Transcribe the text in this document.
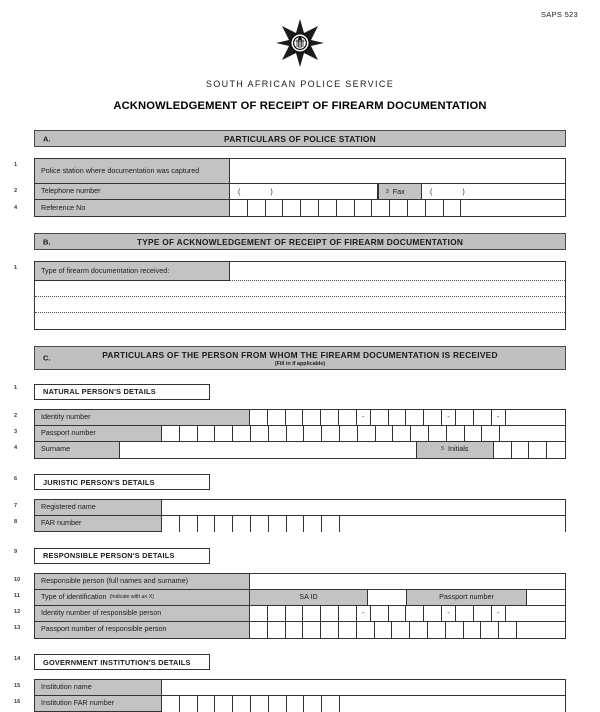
SAPS 523
SOUTH AFRICAN POLICE SERVICE
ACKNOWLEDGEMENT OF RECEIPT OF FIREARM DOCUMENTATION
A.	PARTICULARS OF POLICE STATION
1
2
4
Police station where documentation was captured
Telephone number	(	)	3 Fax	(	)
Reference No
B.	TYPE OF ACKNOWLEDGEMENT OF RECEIPT OF FIREARM DOCUMENTATION
1	Type of firearm documentation received:
C.	PARTICULARS OF THE PERSON FROM WHOM THE FIREARM DOCUMENTATION IS RECEIVED
(Fill in if applicable)
1	NATURAL PERSON'S DETAILS
2
3
4
Identity number	-	-	-
Passport number
Surname	5 Initials
6	JURISTIC PERSON'S DETAILS
7
8
Registered name
FAR number
9	RESPONSIBLE PERSON'S DETAILS
10
11
12
13
Responsible person (full names and surname)
Type of identification (Indicate with an X)	SA ID	Passport number
Identity number of responsible person	-	-	-
Passport number of responsible person
14	GOVERNMENT INSTITUTION'S DETAILS
15
16
Institution name
Institution FAR number
